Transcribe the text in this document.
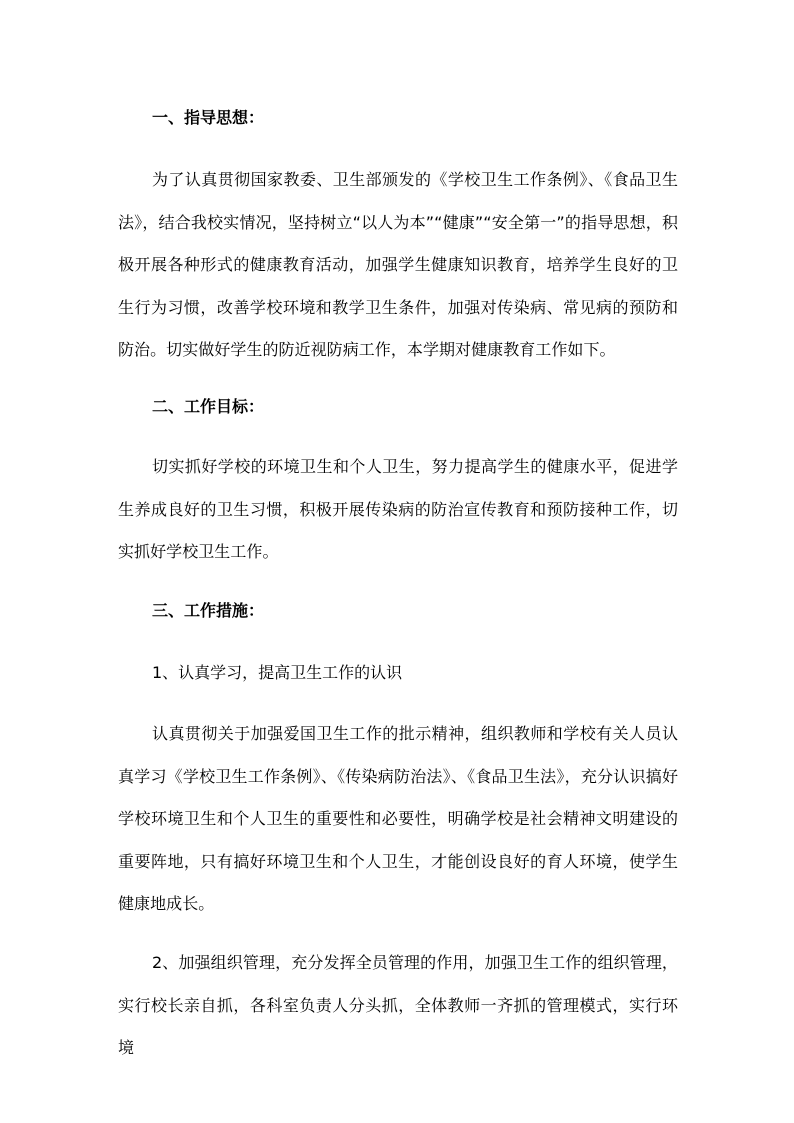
一、指导思想：

为了认真贯彻国家教委、卫生部颁发的《学校卫生工作条例》、《食品卫生法》，结合我校实情况，坚持树立“以人为本”“健康”“安全第一”的指导思想，积极开展各种形式的健康教育活动，加强学生健康知识教育，培养学生良好的卫生行为习惯，改善学校环境和教学卫生条件，加强对传染病、常见病的预防和防治。切实做好学生的防近视防病工作，本学期对健康教育工作如下。

二、工作目标：

切实抓好学校的环境卫生和个人卫生，努力提高学生的健康水平，促进学生养成良好的卫生习惯，积极开展传染病的防治宣传教育和预防接种工作，切实抓好学校卫生工作。

三、工作措施：

1、认真学习，提高卫生工作的认识

认真贯彻关于加强爱国卫生工作的批示精神，组织教师和学校有关人员认真学习《学校卫生工作条例》、《传染病防治法》、《食品卫生法》，充分认识搞好学校环境卫生和个人卫生的重要性和必要性，明确学校是社会精神文明建设的重要阵地，只有搞好环境卫生和个人卫生，才能创设良好的育人环境，使学生健康地成长。

2、加强组织管理，充分发挥全员管理的作用，加强卫生工作的组织管理，实行校长亲自抓，各科室负责人分头抓，全体教师一齐抓的管理模式，实行环境
